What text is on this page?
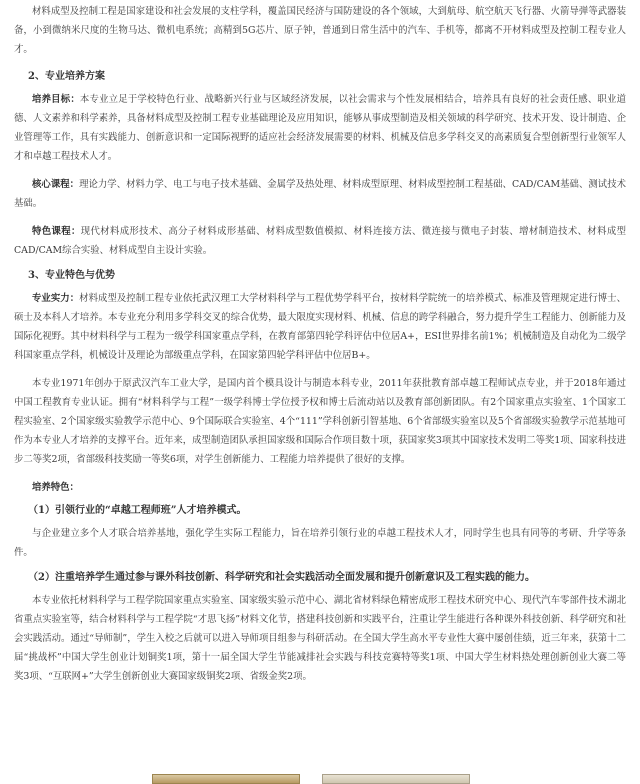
材料成型及控制工程是国家建设和社会发展的支柱学科，覆盖国民经济与国防建设的各个领域，大到航母、航空航天飞行器、火箭导弹等武器装备，小到微纳米尺度的生物马达、微机电系统；高精到5G芯片、原子钟，普通到日常生活中的汽车、手机等，都离不开材料成型及控制工程专业人才。

2、专业培养方案

培养目标：本专业立足于学校特色行业、战略新兴行业与区域经济发展，以社会需求与个性发展相结合，培养具有良好的社会责任感、职业道德、人文素养和科学素养，具备材料成型及控制工程专业基础理论及应用知识，能够从事成型制造及相关领域的科学研究、技术开发、设计制造、企业管理等工作，具有实践能力、创新意识和一定国际视野的适应社会经济发展需要的材料、机械及信息多学科交叉的高素质复合型创新型行业领军人才和卓越工程技术人才。

核心课程：理论力学、材料力学、电工与电子技术基础、金属学及热处理、材料成型原理、材料成型控制工程基础、CAD/CAM基础、测试技术基础。

特色课程：现代材料成形技术、高分子材料成形基础、材料成型数值模拟、材料连接方法、微连接与微电子封装、增材制造技术、材料成型CAD/CAM综合实验、材料成型自主设计实验。

3、专业特色与优势

专业实力：材料成型及控制工程专业依托武汉理工大学材料科学与工程优势学科平台，按材料学院统一的培养模式、标准及管理规定进行博士、硕士及本科人才培养。本专业充分利用多学科交叉的综合优势，最大限度实现材料、机械、信息的跨学科融合，努力提升学生工程能力、创新能力及国际化视野。其中材料科学与工程为一级学科国家重点学科，在教育部第四轮学科评估中位居A+，ESI世界排名前1%；机械制造及自动化为二级学科国家重点学科，机械设计及理论为部级重点学科，在国家第四轮学科评估中位居B+。

本专业1971年创办于原武汉汽车工业大学，是国内首个模具设计与制造本科专业，2011年获批教育部卓越工程师试点专业，并于2018年通过中国工程教育专业认证。拥有“材料科学与工程”一级学科博士学位授予权和博士后流动站以及教育部创新团队。有2个国家重点实验室、1个国家工程实验室、2个国家级实验教学示范中心、9个国际联合实验室、4个“111”学科创新引智基地、6个省部级实验室以及5个省部级实验教学示范基地可作为本专业人才培养的支撑平台。近年来，成型制造团队承担国家级和国际合作项目数十项，获国家奖3项其中国家技术发明二等奖1项、国家科技进步二等奖2项，省部级科技奖励一等奖6项，对学生创新能力、工程能力培养提供了很好的支撑。

培养特色：

（1）引领行业的“卓越工程师班”人才培养模式。

与企业建立多个人才联合培养基地，强化学生实际工程能力，旨在培养引领行业的卓越工程技术人才，同时学生也具有同等的考研、升学等条件。

（2）注重培养学生通过参与课外科技创新、科学研究和社会实践活动全面发展和提升创新意识及工程实践的能力。

本专业依托材料科学与工程学院国家重点实验室、国家级实验示范中心、湖北省材料绿色精密成形工程技术研究中心、现代汽车零部件技术湖北省重点实验室等，结合材料科学与工程学院“才思飞扬”材料文化节，搭建科技创新和实践平台，注重让学生能进行各种课外科技创新、科学研究和社会实践活动。通过“导师制”，学生入校之后就可以进入导师项目组参与科研活动。在全国大学生高水平专业性大赛中屡创佳绩，近三年来，获第十二届“挑战杯”中国大学生创业计划铜奖1项，第十一届全国大学生节能减排社会实践与科技竞赛特等奖1项、中国大学生材料热处理创新创业大赛二等奖3项、“互联网+”大学生创新创业大赛国家级铜奖2项、省级金奖2项。
